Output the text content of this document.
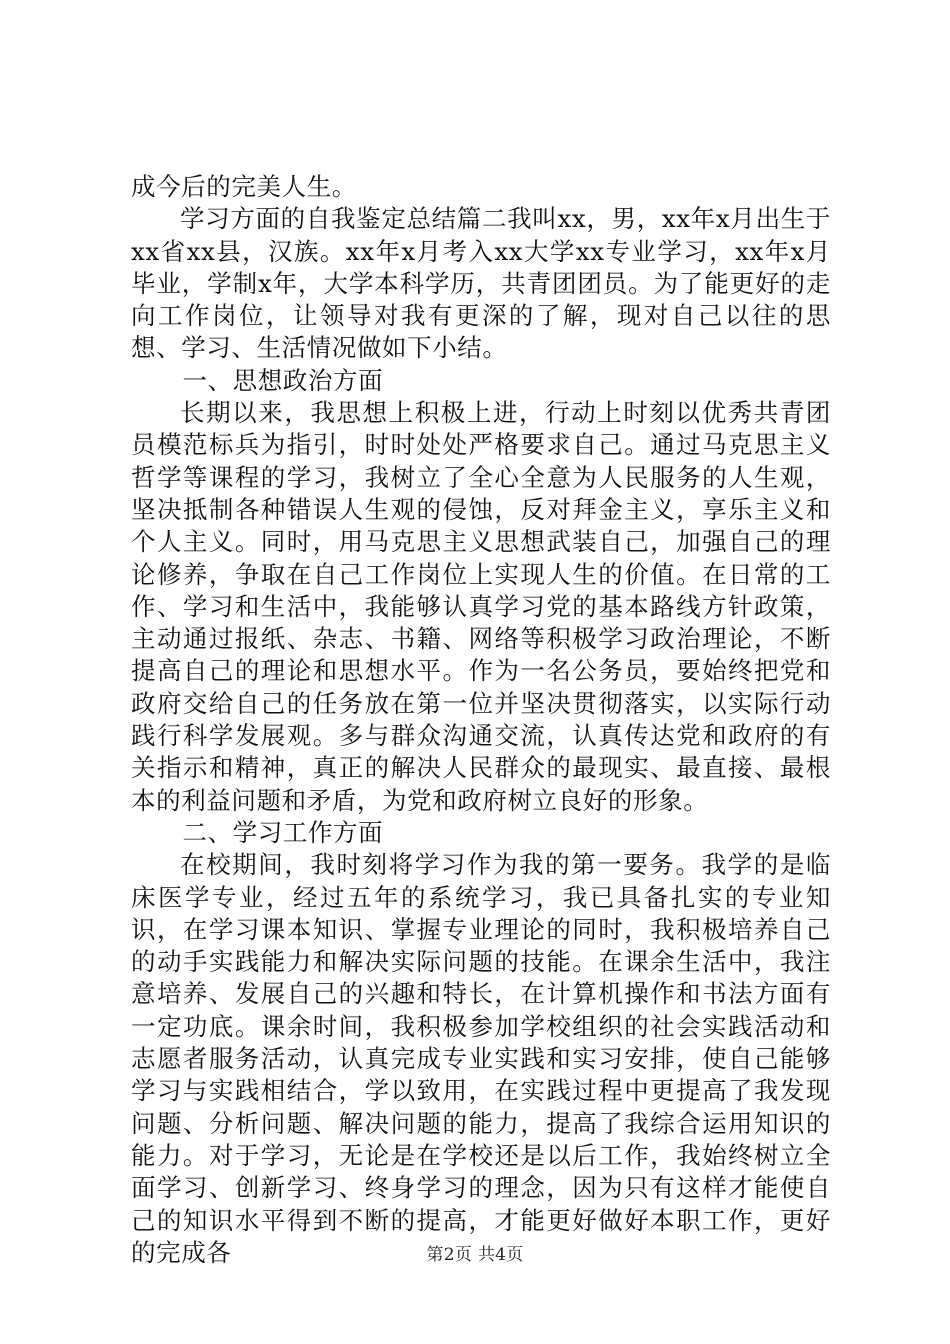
成今后的完美人生。

学习方面的自我鉴定总结篇二我叫xx，男，xx年x月出生于xx省xx县，汉族。xx年x月考入xx大学xx专业学习，xx年x月毕业，学制x年，大学本科学历，共青团团员。为了能更好的走向工作岗位，让领导对我有更深的了解，现对自己以往的思想、学习、生活情况做如下小结。

一、思想政治方面

长期以来，我思想上积极上进，行动上时刻以优秀共青团员模范标兵为指引，时时处处严格要求自己。通过马克思主义哲学等课程的学习，我树立了全心全意为人民服务的人生观，坚决抵制各种错误人生观的侵蚀，反对拜金主义，享乐主义和个人主义。同时，用马克思主义思想武装自己，加强自己的理论修养，争取在自己工作岗位上实现人生的价值。在日常的工作、学习和生活中，我能够认真学习党的基本路线方针政策，主动通过报纸、杂志、书籍、网络等积极学习政治理论，不断提高自己的理论和思想水平。作为一名公务员，要始终把党和政府交给自己的任务放在第一位并坚决贯彻落实，以实际行动践行科学发展观。多与群众沟通交流，认真传达党和政府的有关指示和精神，真正的解决人民群众的最现实、最直接、最根本的利益问题和矛盾，为党和政府树立良好的形象。

二、学习工作方面

在校期间，我时刻将学习作为我的第一要务。我学的是临床医学专业，经过五年的系统学习，我已具备扎实的专业知识，在学习课本知识、掌握专业理论的同时，我积极培养自己的动手实践能力和解决实际问题的技能。在课余生活中，我注意培养、发展自己的兴趣和特长，在计算机操作和书法方面有一定功底。课余时间，我积极参加学校组织的社会实践活动和志愿者服务活动，认真完成专业实践和实习安排，使自己能够学习与实践相结合，学以致用，在实践过程中更提高了我发现问题、分析问题、解决问题的能力，提高了我综合运用知识的能力。对于学习，无论是在学校还是以后工作，我始终树立全面学习、创新学习、终身学习的理念，因为只有这样才能使自己的知识水平得到不断的提高，才能更好做好本职工作，更好的完成各	第2页 共4页
